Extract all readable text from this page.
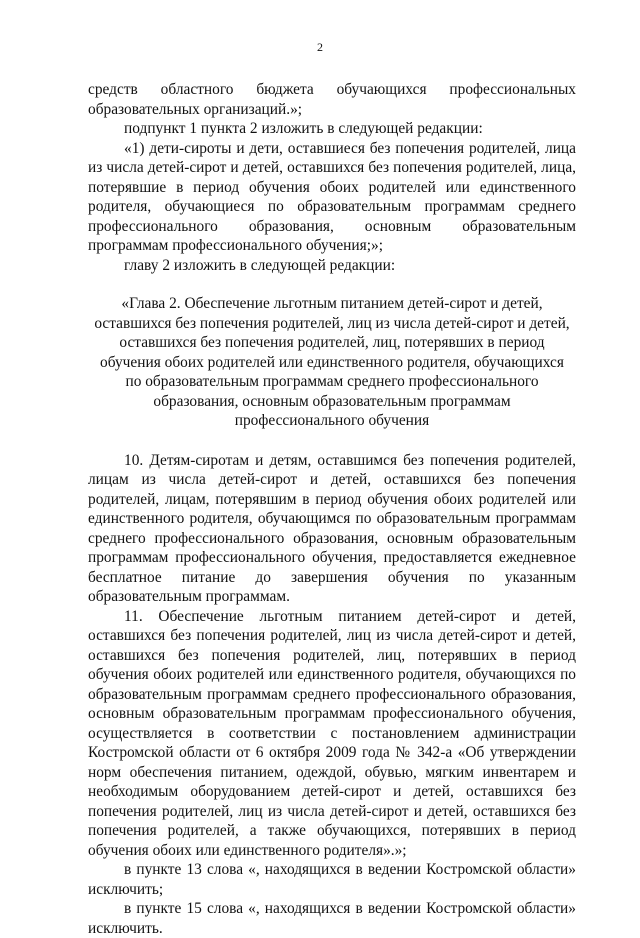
2

средств областного бюджета обучающихся профессиональных образовательных организаций.»;

подпункт 1 пункта 2 изложить в следующей редакции:

«1) дети-сироты и дети, оставшиеся без попечения родителей, лица из числа детей-сирот и детей, оставшихся без попечения родителей, лица, потерявшие в период обучения обоих родителей или единственного родителя, обучающиеся по образовательным программам среднего профессионального образования, основным образовательным программам профессионального обучения;»;

главу 2 изложить в следующей редакции:

«Глава 2. Обеспечение льготным питанием детей-сирот и детей, оставшихся без попечения родителей, лиц из числа детей-сирот и детей, оставшихся без попечения родителей, лиц, потерявших в период обучения обоих родителей или единственного родителя, обучающихся по образовательным программам среднего профессионального образования, основным образовательным программам профессионального обучения

10. Детям-сиротам и детям, оставшимся без попечения родителей, лицам из числа детей-сирот и детей, оставшихся без попечения родителей, лицам, потерявшим в период обучения обоих родителей или единственного родителя, обучающимся по образовательным программам среднего профессионального образования, основным образовательным программам профессионального обучения, предоставляется ежедневное бесплатное питание до завершения обучения по указанным образовательным программам.

11. Обеспечение льготным питанием детей-сирот и детей, оставшихся без попечения родителей, лиц из числа детей-сирот и детей, оставшихся без попечения родителей, лиц, потерявших в период обучения обоих родителей или единственного родителя, обучающихся по образовательным программам среднего профессионального образования, основным образовательным программам профессионального обучения, осуществляется в соответствии с постановлением администрации Костромской области от 6 октября 2009 года № 342-а «Об утверждении норм обеспечения питанием, одеждой, обувью, мягким инвентарем и необходимым оборудованием детей-сирот и детей, оставшихся без попечения родителей, лиц из числа детей-сирот и детей, оставшихся без попечения родителей, а также обучающихся, потерявших в период обучения обоих или единственного родителя».»;

в пункте 13 слова «, находящихся в ведении Костромской области» исключить;

в пункте 15 слова «, находящихся в ведении Костромской области» исключить.
